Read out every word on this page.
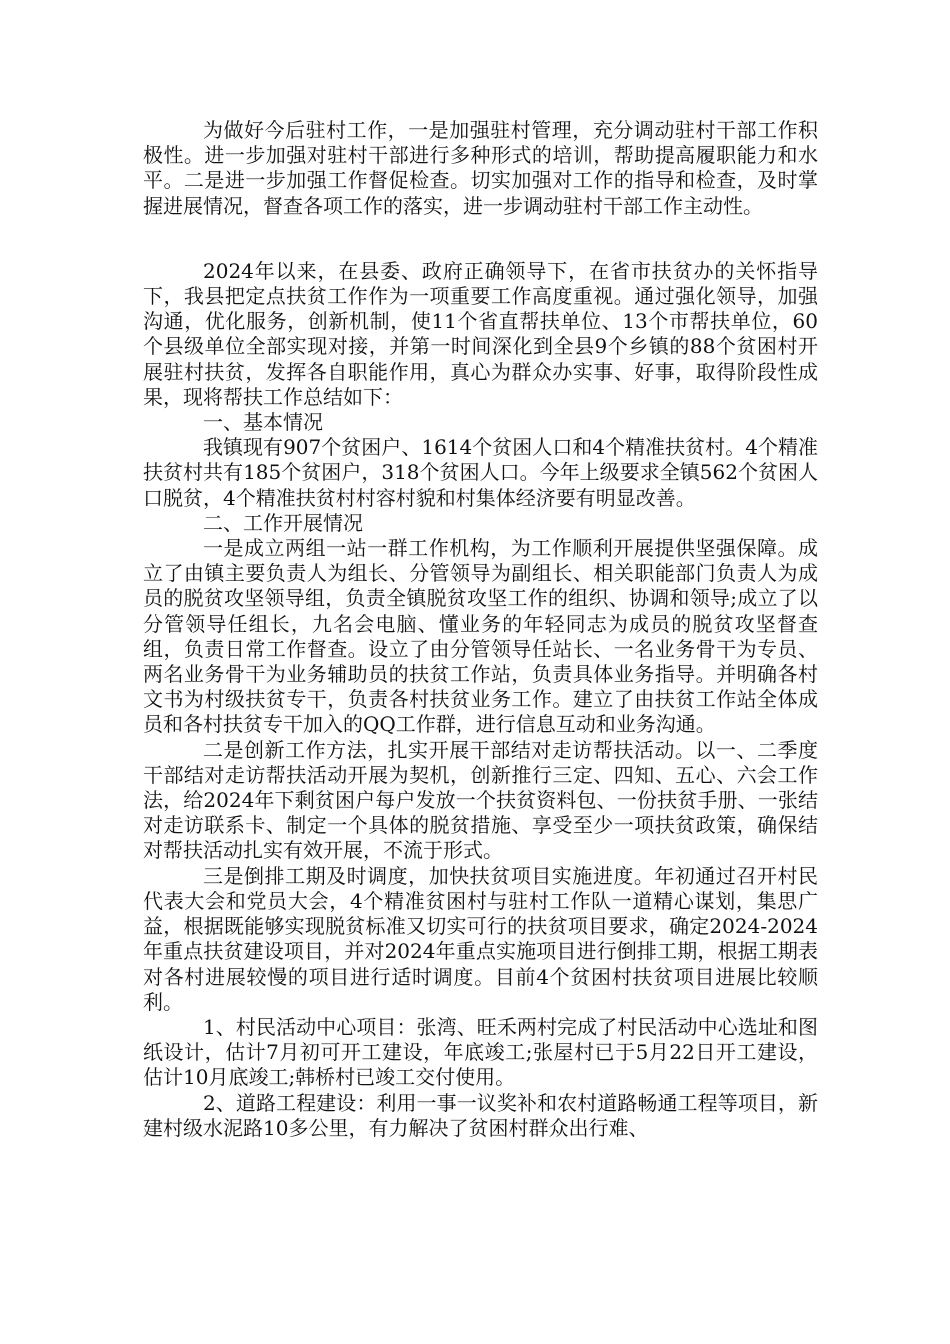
为做好今后驻村工作，一是加强驻村管理，充分调动驻村干部工作积极性。进一步加强对驻村干部进行多种形式的培训，帮助提高履职能力和水平。二是进一步加强工作督促检查。切实加强对工作的指导和检查，及时掌握进展情况，督查各项工作的落实，进一步调动驻村干部工作主动性。

2024年以来，在县委、政府正确领导下，在省市扶贫办的关怀指导下，我县把定点扶贫工作作为一项重要工作高度重视。通过强化领导，加强沟通，优化服务，创新机制，使11个省直帮扶单位、13个市帮扶单位，60个县级单位全部实现对接，并第一时间深化到全县9个乡镇的88个贫困村开展驻村扶贫，发挥各自职能作用，真心为群众办实事、好事，取得阶段性成果，现将帮扶工作总结如下：

一、基本情况

我镇现有907个贫困户、1614个贫困人口和4个精准扶贫村。4个精准扶贫村共有185个贫困户，318个贫困人口。今年上级要求全镇562个贫困人口脱贫，4个精准扶贫村村容村貌和村集体经济要有明显改善。

二、工作开展情况

一是成立两组一站一群工作机构，为工作顺利开展提供坚强保障。成立了由镇主要负责人为组长、分管领导为副组长、相关职能部门负责人为成员的脱贫攻坚领导组，负责全镇脱贫攻坚工作的组织、协调和领导;成立了以分管领导任组长，九名会电脑、懂业务的年轻同志为成员的脱贫攻坚督查组，负责日常工作督查。设立了由分管领导任站长、一名业务骨干为专员、两名业务骨干为业务辅助员的扶贫工作站，负责具体业务指导。并明确各村文书为村级扶贫专干，负责各村扶贫业务工作。建立了由扶贫工作站全体成员和各村扶贫专干加入的QQ工作群，进行信息互动和业务沟通。

二是创新工作方法，扎实开展干部结对走访帮扶活动。以一、二季度干部结对走访帮扶活动开展为契机，创新推行三定、四知、五心、六会工作法，给2024年下剩贫困户每户发放一个扶贫资料包、一份扶贫手册、一张结对走访联系卡、制定一个具体的脱贫措施、享受至少一项扶贫政策，确保结对帮扶活动扎实有效开展，不流于形式。

三是倒排工期及时调度，加快扶贫项目实施进度。年初通过召开村民代表大会和党员大会，4个精准贫困村与驻村工作队一道精心谋划，集思广益，根据既能够实现脱贫标准又切实可行的扶贫项目要求，确定2024-2024年重点扶贫建设项目，并对2024年重点实施项目进行倒排工期，根据工期表对各村进展较慢的项目进行适时调度。目前4个贫困村扶贫项目进展比较顺利。

1、村民活动中心项目：张湾、旺禾两村完成了村民活动中心选址和图纸设计，估计7月初可开工建设，年底竣工;张屋村已于5月22日开工建设，估计10月底竣工;韩桥村已竣工交付使用。

2、道路工程建设：利用一事一议奖补和农村道路畅通工程等项目，新建村级水泥路10多公里，有力解决了贫困村群众出行难、
